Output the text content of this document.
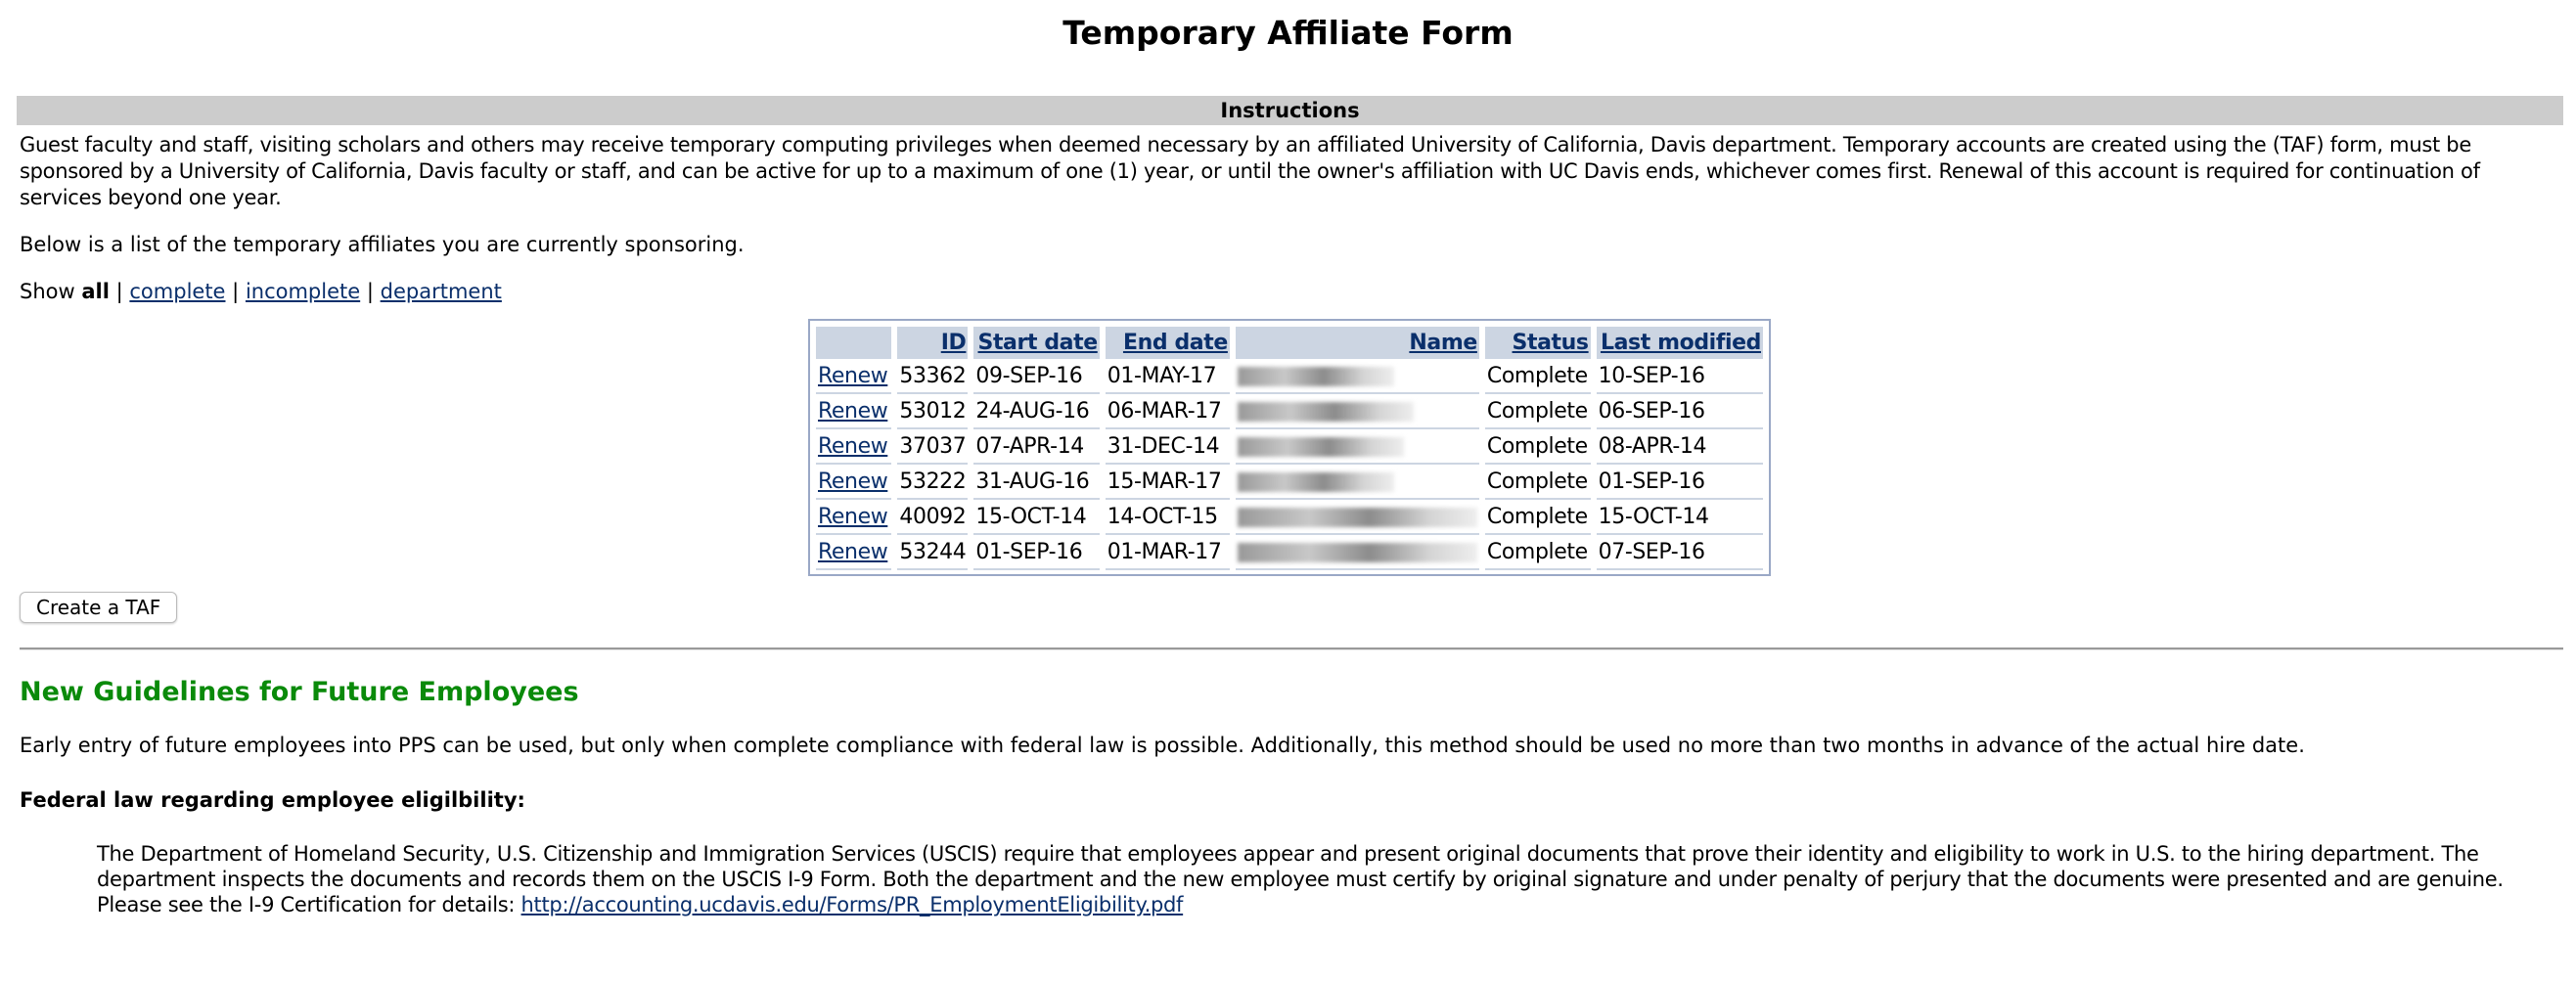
Temporary Affiliate Form
Instructions
Guest faculty and staff, visiting scholars and others may receive temporary computing privileges when deemed necessary by an affiliated University of California, Davis department. Temporary accounts are created using the (TAF) form, must be sponsored by a University of California, Davis faculty or staff, and can be active for up to a maximum of one (1) year, or until the owner's affiliation with UC Davis ends, whichever comes first. Renewal of this account is required for continuation of services beyond one year.
Below is a list of the temporary affiliates you are currently sponsoring.
Show all | complete | incomplete | department
	ID	Start date	End date	Name	Status	Last modified
Renew	53362	09-SEP-16	01-MAY-17		Complete	10-SEP-16
Renew	53012	24-AUG-16	06-MAR-17		Complete	06-SEP-16
Renew	37037	07-APR-14	31-DEC-14		Complete	08-APR-14
Renew	53222	31-AUG-16	15-MAR-17		Complete	01-SEP-16
Renew	40092	15-OCT-14	14-OCT-15		Complete	15-OCT-14
Renew	53244	01-SEP-16	01-MAR-17		Complete	07-SEP-16
Create a TAF
New Guidelines for Future Employees
Early entry of future employees into PPS can be used, but only when complete compliance with federal law is possible. Additionally, this method should be used no more than two months in advance of the actual hire date.
Federal law regarding employee eligilbility:
The Department of Homeland Security, U.S. Citizenship and Immigration Services (USCIS) require that employees appear and present original documents that prove their identity and eligibility to work in U.S. to the hiring department. The department inspects the documents and records them on the USCIS I-9 Form. Both the department and the new employee must certify by original signature and under penalty of perjury that the documents were presented and are genuine. Please see the I-9 Certification for details: http://accounting.ucdavis.edu/Forms/PR_EmploymentEligibility.pdf
